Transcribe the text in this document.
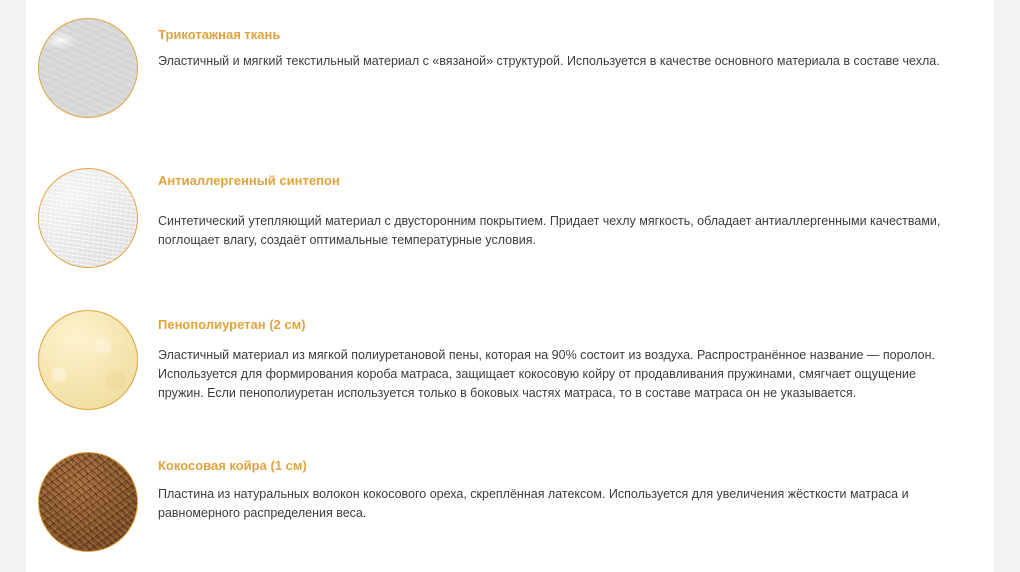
Трикотажная ткань

Эластичный и мягкий текстильный материал с «вязаной» структурой. Используется в качестве основного материала в составе чехла.

Антиаллергенный синтепон

Синтетический утепляющий материал с двусторонним покрытием. Придает чехлу мягкость, обладает антиаллергенными качествами, поглощает влагу, создаёт оптимальные температурные условия.

Пенополиуретан (2 см)

Эластичный материал из мягкой полиуретановой пены, которая на 90% состоит из воздуха. Распространённое название — поролон. Используется для формирования короба матраса, защищает кокосовую койру от продавливания пружинами, смягчает ощущение пружин. Если пенополиуретан используется только в боковых частях матраса, то в составе матраса он не указывается.

Кокосовая койра (1 см)

Пластина из натуральных волокон кокосового ореха, скреплённая латексом. Используется для увеличения жёсткости матраса и равномерного распределения веса.
